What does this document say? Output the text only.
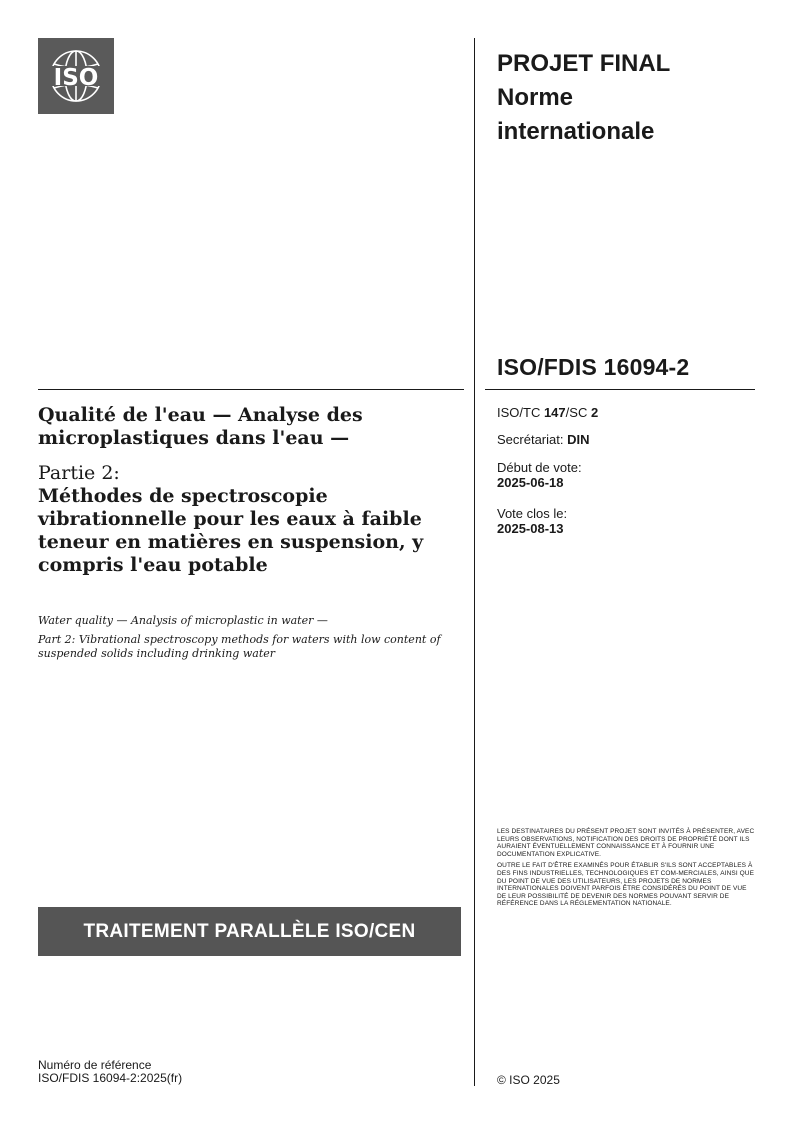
ISO
PROJET FINAL
Norme
internationale
ISO/FDIS 16094-2
Qualité de l'eau — Analyse des microplastiques dans l'eau —
Partie 2:
Méthodes de spectroscopie vibrationnelle pour les eaux à faible teneur en matières en suspension, y compris l'eau potable
Water quality — Analysis of microplastic in water —
Part 2: Vibrational spectroscopy methods for waters with low content of suspended solids including drinking water
ISO/TC 147/SC 2
Secrétariat: DIN
Début de vote:
2025-06-18
Vote clos le:
2025-08-13

LES DESTINATAIRES DU PRÉSENT PROJET SONT INVITÉS À PRÉSENTER, AVEC LEURS OBSERVATIONS, NOTIFICATION DES DROITS DE PROPRIÉTÉ DONT ILS AURAIENT ÉVENTUELLEMENT CONNAISSANCE ET À FOURNIR UNE DOCUMENTATION EXPLICATIVE.

OUTRE LE FAIT D'ÊTRE EXAMINÉS POUR ÉTABLIR S'ILS SONT ACCEPTABLES À DES FINS INDUSTRIELLES, TECHNOLOGIQUES ET COM-MERCIALES, AINSI QUE DU POINT DE VUE DES UTILISATEURS, LES PROJETS DE NORMES INTERNATIONALES DOIVENT PARFOIS ÊTRE CONSIDÉRÉS DU POINT DE VUE DE LEUR POSSIBILITÉ DE DEVENIR DES NORMES POUVANT SERVIR DE RÉFÉRENCE DANS LA RÉGLEMENTATION NATIONALE.

TRAITEMENT PARALLÈLE ISO/CEN
Numéro de référence
ISO/FDIS 16094-2:2025(fr)	© ISO 2025
